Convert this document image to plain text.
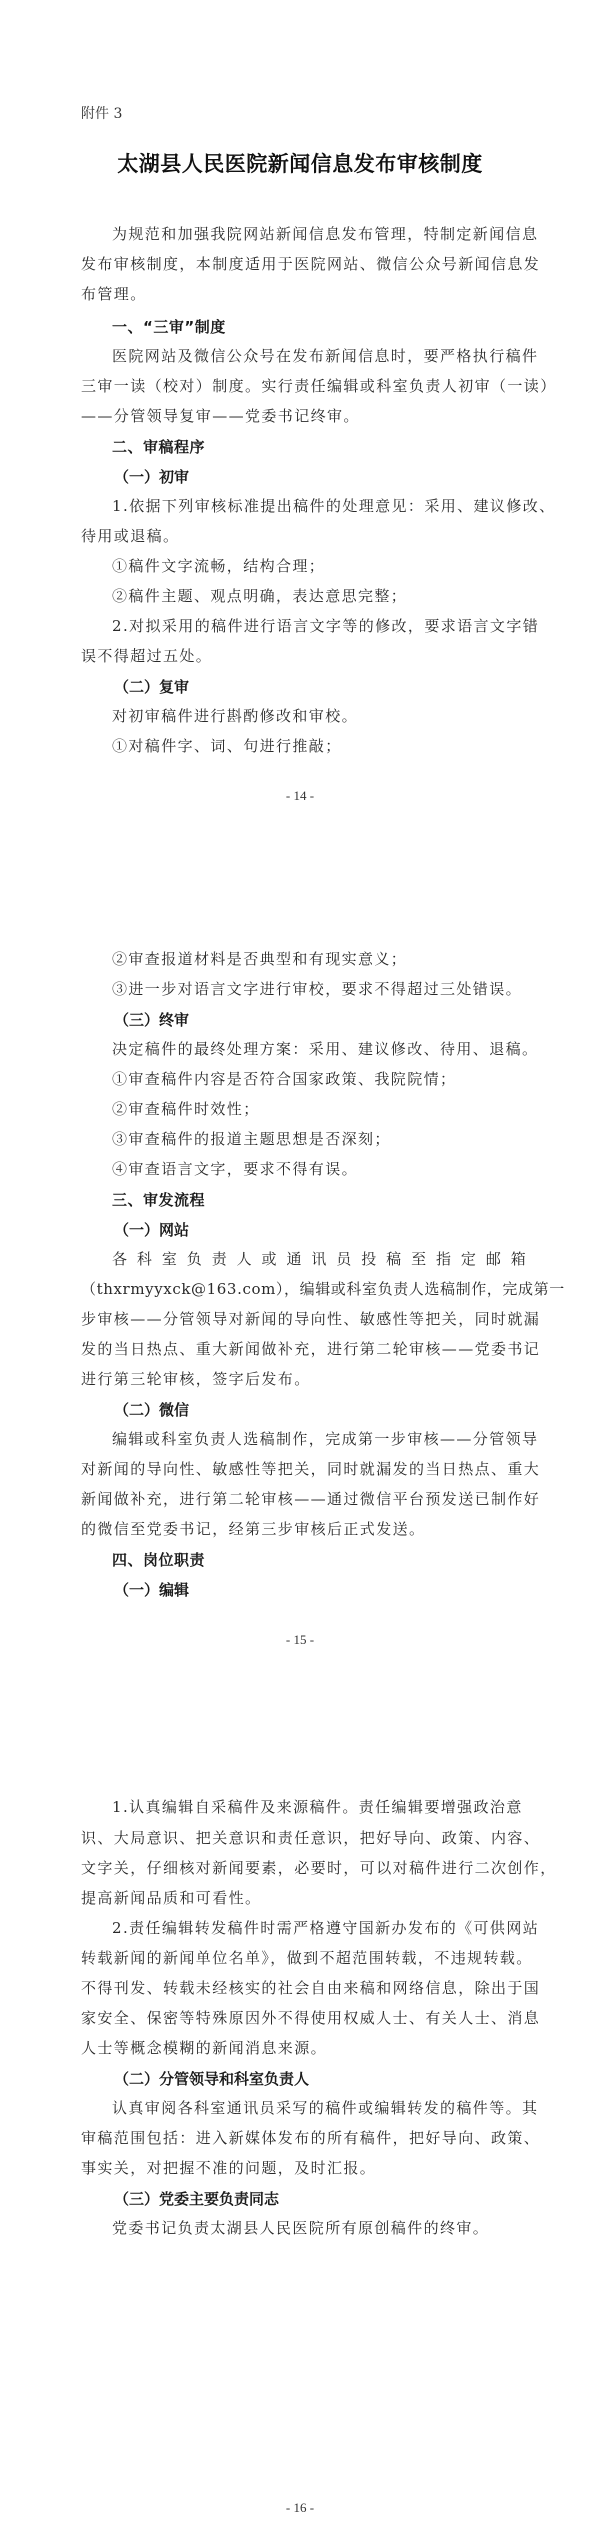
附件 3
太湖县人民医院新闻信息发布审核制度
为规范和加强我院网站新闻信息发布管理，特制定新闻信息
发布审核制度，本制度适用于医院网站、微信公众号新闻信息发
布管理。
一、“三审”制度
医院网站及微信公众号在发布新闻信息时，要严格执行稿件
三审一读（校对）制度。实行责任编辑或科室负责人初审（一读）
——分管领导复审——党委书记终审。
二、审稿程序
（一）初审
1.依据下列审核标准提出稿件的处理意见：采用、建议修改、
待用或退稿。
①稿件文字流畅，结构合理；
②稿件主题、观点明确，表达意思完整；
2.对拟采用的稿件进行语言文字等的修改，要求语言文字错
误不得超过五处。
（二）复审
对初审稿件进行斟酌修改和审校。
①对稿件字、词、句进行推敲；
- 14 -
②审查报道材料是否典型和有现实意义；
③进一步对语言文字进行审校，要求不得超过三处错误。
（三）终审
决定稿件的最终处理方案：采用、建议修改、待用、退稿。
①审查稿件内容是否符合国家政策、我院院情；
②审查稿件时效性；
③审查稿件的报道主题思想是否深刻；
④审查语言文字，要求不得有误。
三、审发流程
（一）网站
各 科 室 负 责 人 或 通 讯 员 投 稿 至 指 定 邮 箱
（thxrmyyxck@163.com），编辑或科室负责人选稿制作，完成第一
步审核——分管领导对新闻的导向性、敏感性等把关，同时就漏
发的当日热点、重大新闻做补充，进行第二轮审核——党委书记
进行第三轮审核，签字后发布。
（二）微信
编辑或科室负责人选稿制作，完成第一步审核——分管领导
对新闻的导向性、敏感性等把关，同时就漏发的当日热点、重大
新闻做补充，进行第二轮审核——通过微信平台预发送已制作好
的微信至党委书记，经第三步审核后正式发送。
四、岗位职责
（一）编辑
- 15 -
1.认真编辑自采稿件及来源稿件。责任编辑要增强政治意
识、大局意识、把关意识和责任意识，把好导向、政策、内容、
文字关，仔细核对新闻要素，必要时，可以对稿件进行二次创作，
提高新闻品质和可看性。
2.责任编辑转发稿件时需严格遵守国新办发布的《可供网站
转载新闻的新闻单位名单》，做到不超范围转载，不违规转载。
不得刊发、转载未经核实的社会自由来稿和网络信息，除出于国
家安全、保密等特殊原因外不得使用权威人士、有关人士、消息
人士等概念模糊的新闻消息来源。
（二）分管领导和科室负责人
认真审阅各科室通讯员采写的稿件或编辑转发的稿件等。其
审稿范围包括：进入新媒体发布的所有稿件，把好导向、政策、
事实关，对把握不准的问题，及时汇报。
（三）党委主要负责同志
党委书记负责太湖县人民医院所有原创稿件的终审。
- 16 -
